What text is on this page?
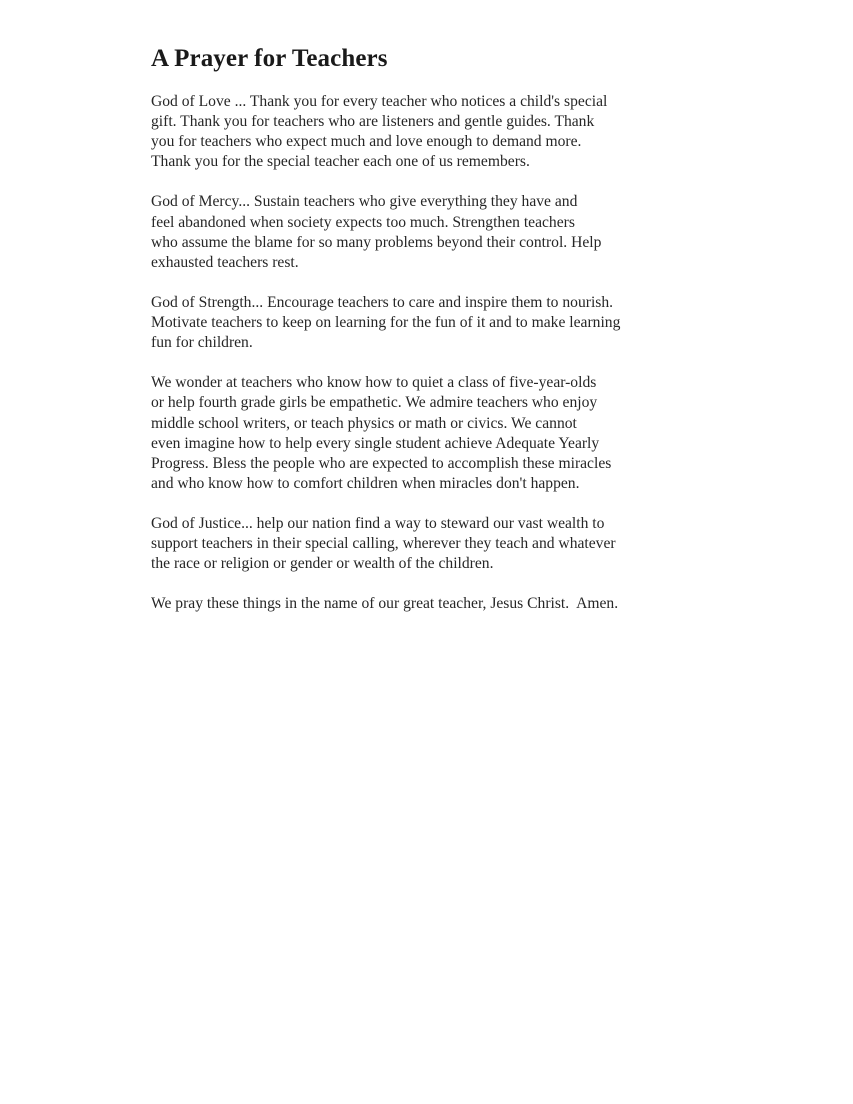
A Prayer for Teachers

God of Love ... Thank you for every teacher who notices a child's special
gift. Thank you for teachers who are listeners and gentle guides. Thank
you for teachers who expect much and love enough to demand more.
Thank you for the special teacher each one of us remembers.

God of Mercy... Sustain teachers who give everything they have and
feel abandoned when society expects too much. Strengthen teachers
who assume the blame for so many problems beyond their control. Help
exhausted teachers rest.

God of Strength... Encourage teachers to care and inspire them to nourish.
Motivate teachers to keep on learning for the fun of it and to make learning
fun for children.

We wonder at teachers who know how to quiet a class of five-year-olds
or help fourth grade girls be empathetic. We admire teachers who enjoy
middle school writers, or teach physics or math or civics. We cannot
even imagine how to help every single student achieve Adequate Yearly
Progress. Bless the people who are expected to accomplish these miracles
and who know how to comfort children when miracles don't happen.

God of Justice... help our nation find a way to steward our vast wealth to
support teachers in their special calling, wherever they teach and whatever
the race or religion or gender or wealth of the children.

We pray these things in the name of our great teacher, Jesus Christ.  Amen.
